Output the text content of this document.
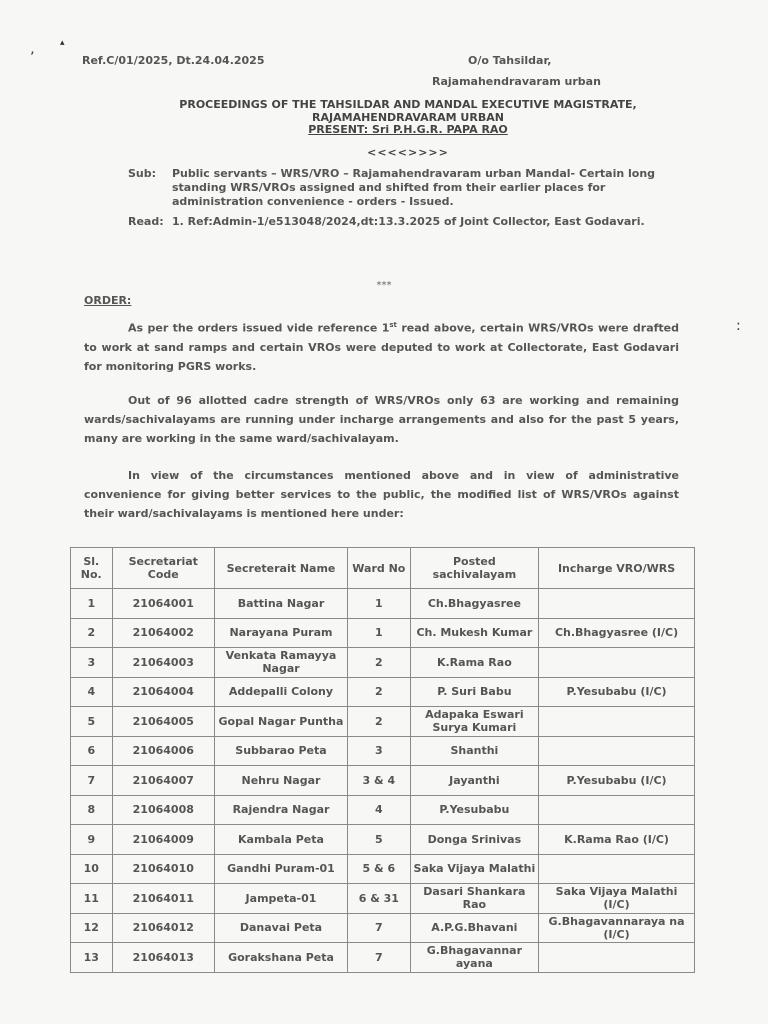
’
▴
:
Ref.C/01/2025, Dt.24.04.2025	O/o Tahsildar,
Rajamahendravaram urban
PROCEEDINGS OF THE TAHSILDAR AND MANDAL EXECUTIVE MAGISTRATE,
RAJAMAHENDRAVARAM URBAN
PRESENT: Sri P.H.G.R. PAPA RAO
<<<<>>>>
Sub: Public servants – WRS/VRO – Rajamahendravaram urban Mandal- Certain long standing WRS/VROs assigned and shifted from their earlier places for administration convenience - orders - Issued.
Read: 1. Ref:Admin-1/e513048/2024,dt:13.3.2025 of Joint Collector, East Godavari.
***
ORDER:
As per the orders issued vide reference 1st read above, certain WRS/VROs were drafted to work at sand ramps and certain VROs were deputed to work at Collectorate, East Godavari for monitoring PGRS works.
Out of 96 allotted cadre strength of WRS/VROs only 63 are working and remaining wards/sachivalayams are running under incharge arrangements and also for the past 5 years, many are working in the same ward/sachivalayam.
In view of the circumstances mentioned above and in view of administrative convenience for giving better services to the public, the modified list of WRS/VROs against their ward/sachivalayams is mentioned here under:
Sl. No.	Secretariat Code	Secreterait Name	Ward No	Posted sachivalayam	Incharge VRO/WRS
1	21064001	Battina Nagar	1	Ch.Bhagyasree	
2	21064002	Narayana Puram	1	Ch. Mukesh Kumar	Ch.Bhagyasree (I/C)
3	21064003	Venkata Ramayya Nagar	2	K.Rama Rao	
4	21064004	Addepalli Colony	2	P. Suri Babu	P.Yesubabu (I/C)
5	21064005	Gopal Nagar Puntha	2	Adapaka Eswari Surya Kumari	
6	21064006	Subbarao Peta	3	Shanthi	
7	21064007	Nehru Nagar	3 & 4	Jayanthi	P.Yesubabu (I/C)
8	21064008	Rajendra Nagar	4	P.Yesubabu	
9	21064009	Kambala Peta	5	Donga Srinivas	K.Rama Rao (I/C)
10	21064010	Gandhi Puram-01	5 & 6	Saka Vijaya Malathi	
11	21064011	Jampeta-01	6 & 31	Dasari Shankara Rao	Saka Vijaya Malathi (I/C)
12	21064012	Danavai Peta	7	A.P.G.Bhavani	G.Bhagavannaraya na (I/C)
13	21064013	Gorakshana Peta	7	G.Bhagavannar ayana	
